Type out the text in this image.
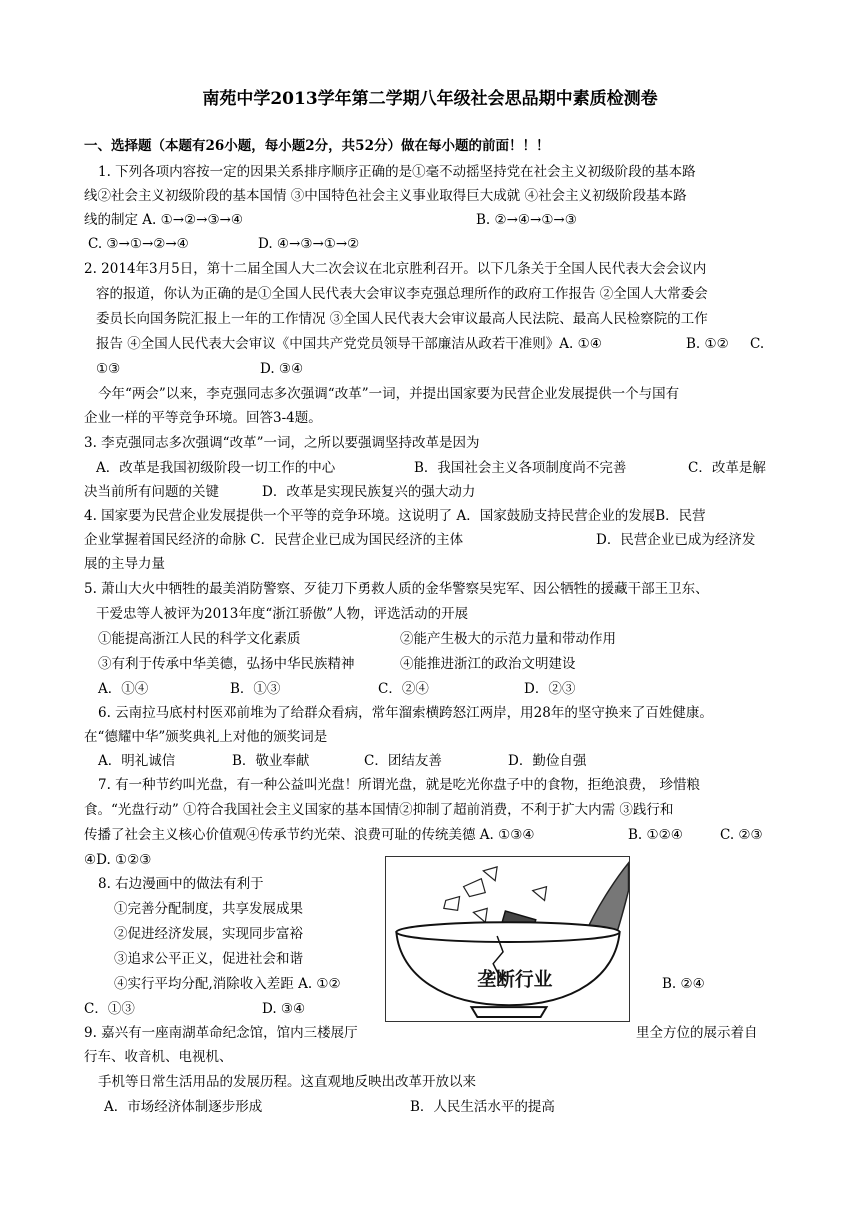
南苑中学2013学年第二学期八年级社会思品期中素质检测卷
一、选择题（本题有26小题，每小题2分，共52分）做在每小题的前面！！！
1. 下列各项内容按一定的因果关系排序顺序正确的是①毫不动摇坚持党在社会主义初级阶段的基本路
线②社会主义初级阶段的基本国情 ③中国特色社会主义事业取得巨大成就 ④社会主义初级阶段基本路
线的制定 A. ①→②→③→④	B. ②→④→①→③
C. ③→①→②→④	D. ④→③→①→②
2. 2014年3月5日，第十二届全国人大二次会议在北京胜利召开。以下几条关于全国人民代表大会会议内
容的报道，你认为正确的是①全国人民代表大会审议李克强总理所作的政府工作报告 ②全国人大常委会
委员长向国务院汇报上一年的工作情况 ③全国人民代表大会审议最高人民法院、最高人民检察院的工作
报告 ④全国人民代表大会审议《中国共产党党员领导干部廉洁从政若干准则》A. ①④	B. ①② C.
①③	D. ③④
今年“两会”以来，李克强同志多次强调“改革”一词，并提出国家要为民营企业发展提供一个与国有
企业一样的平等竞争环境。回答3-4题。
3. 李克强同志多次强调“改革”一词，之所以要强调坚持改革是因为
A．改革是我国初级阶段一切工作的中心	B．我国社会主义各项制度尚不完善	C．改革是解
决当前所有问题的关键	D．改革是实现民族复兴的强大动力
4. 国家要为民营企业发展提供一个平等的竞争环境。这说明了 A．国家鼓励支持民营企业的发展B．民营
企业掌握着国民经济的命脉 C．民营企业已成为国民经济的主体	D．民营企业已成为经济发
展的主导力量
5. 萧山大火中牺牲的最美消防警察、歹徒刀下勇救人质的金华警察吴宪军、因公牺牲的援藏干部王卫东、
干爱忠等人被评为2013年度“浙江骄傲”人物，评选活动的开展
①能提高浙江人民的科学文化素质	②能产生极大的示范力量和带动作用
③有利于传承中华美德，弘扬中华民族精神	④能推进浙江的政治文明建设
A．①④	B．①③	C．②④	D．②③
6. 云南拉马底村村医邓前堆为了给群众看病，常年溜索横跨怒江两岸，用28年的坚守换来了百姓健康。
在“德耀中华”颁奖典礼上对他的颁奖词是
A．明礼诚信	B．敬业奉献	C．团结友善	D．勤俭自强
7. 有一种节约叫光盘，有一种公益叫光盘！所谓光盘，就是吃光你盘子中的食物，拒绝浪费， 珍惜粮
食。“光盘行动” ①符合我国社会主义国家的基本国情②抑制了超前消费，不利于扩大内需 ③践行和
传播了社会主义核心价值观④传承节约光荣、浪费可耻的传统美德 A. ①③④	B. ①②④	C. ②③
④D. ①②③
8. 右边漫画中的做法有利于
①完善分配制度，共享发展成果
②促进经济发展，实现同步富裕
③追求公平正义，促进社会和谐
④实行平均分配,消除收入差距 A. ①②	B. ②④
C．①③	D. ③④
垄断行业
9. 嘉兴有一座南湖革命纪念馆，馆内三楼展厅	里全方位的展示着自
行车、收音机、电视机、
手机等日常生活用品的发展历程。这直观地反映出改革开放以来
A．市场经济体制逐步形成	B．人民生活水平的提高
